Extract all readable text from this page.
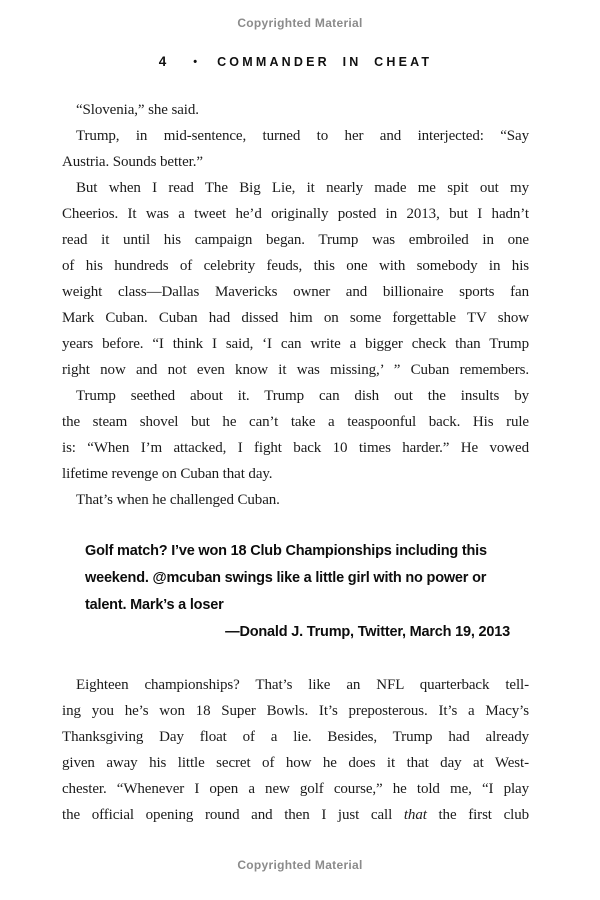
Copyrighted Material
4 • COMMANDER IN CHEAT
“Slovenia,” she said.
Trump, in mid-sentence, turned to her and interjected: “Say
Austria. Sounds better.”
But when I read The Big Lie, it nearly made me spit out my
Cheerios. It was a tweet he’d originally posted in 2013, but I hadn’t
read it until his campaign began. Trump was embroiled in one
of his hundreds of celebrity feuds, this one with somebody in his
weight class—Dallas Mavericks owner and billionaire sports fan
Mark Cuban. Cuban had dissed him on some forgettable TV show
years before. “I think I said, ‘I can write a bigger check than Trump
right now and not even know it was missing,’ ” Cuban remembers.
Trump seethed about it. Trump can dish out the insults by
the steam shovel but he can’t take a teaspoonful back. His rule
is: “When I’m attacked, I fight back 10 times harder.” He vowed
lifetime revenge on Cuban that day.
That’s when he challenged Cuban.
Golf match? I’ve won 18 Club Championships including this
weekend. @mcuban swings like a little girl with no power or
talent. Mark’s a loser
—Donald J. Trump, Twitter, March 19, 2013
Eighteen championships? That’s like an NFL quarterback tell-
ing you he’s won 18 Super Bowls. It’s preposterous. It’s a Macy’s
Thanksgiving Day float of a lie. Besides, Trump had already
given away his little secret of how he does it that day at West-
chester. “Whenever I open a new golf course,” he told me, “I play
the official opening round and then I just call that the first club
Copyrighted Material
